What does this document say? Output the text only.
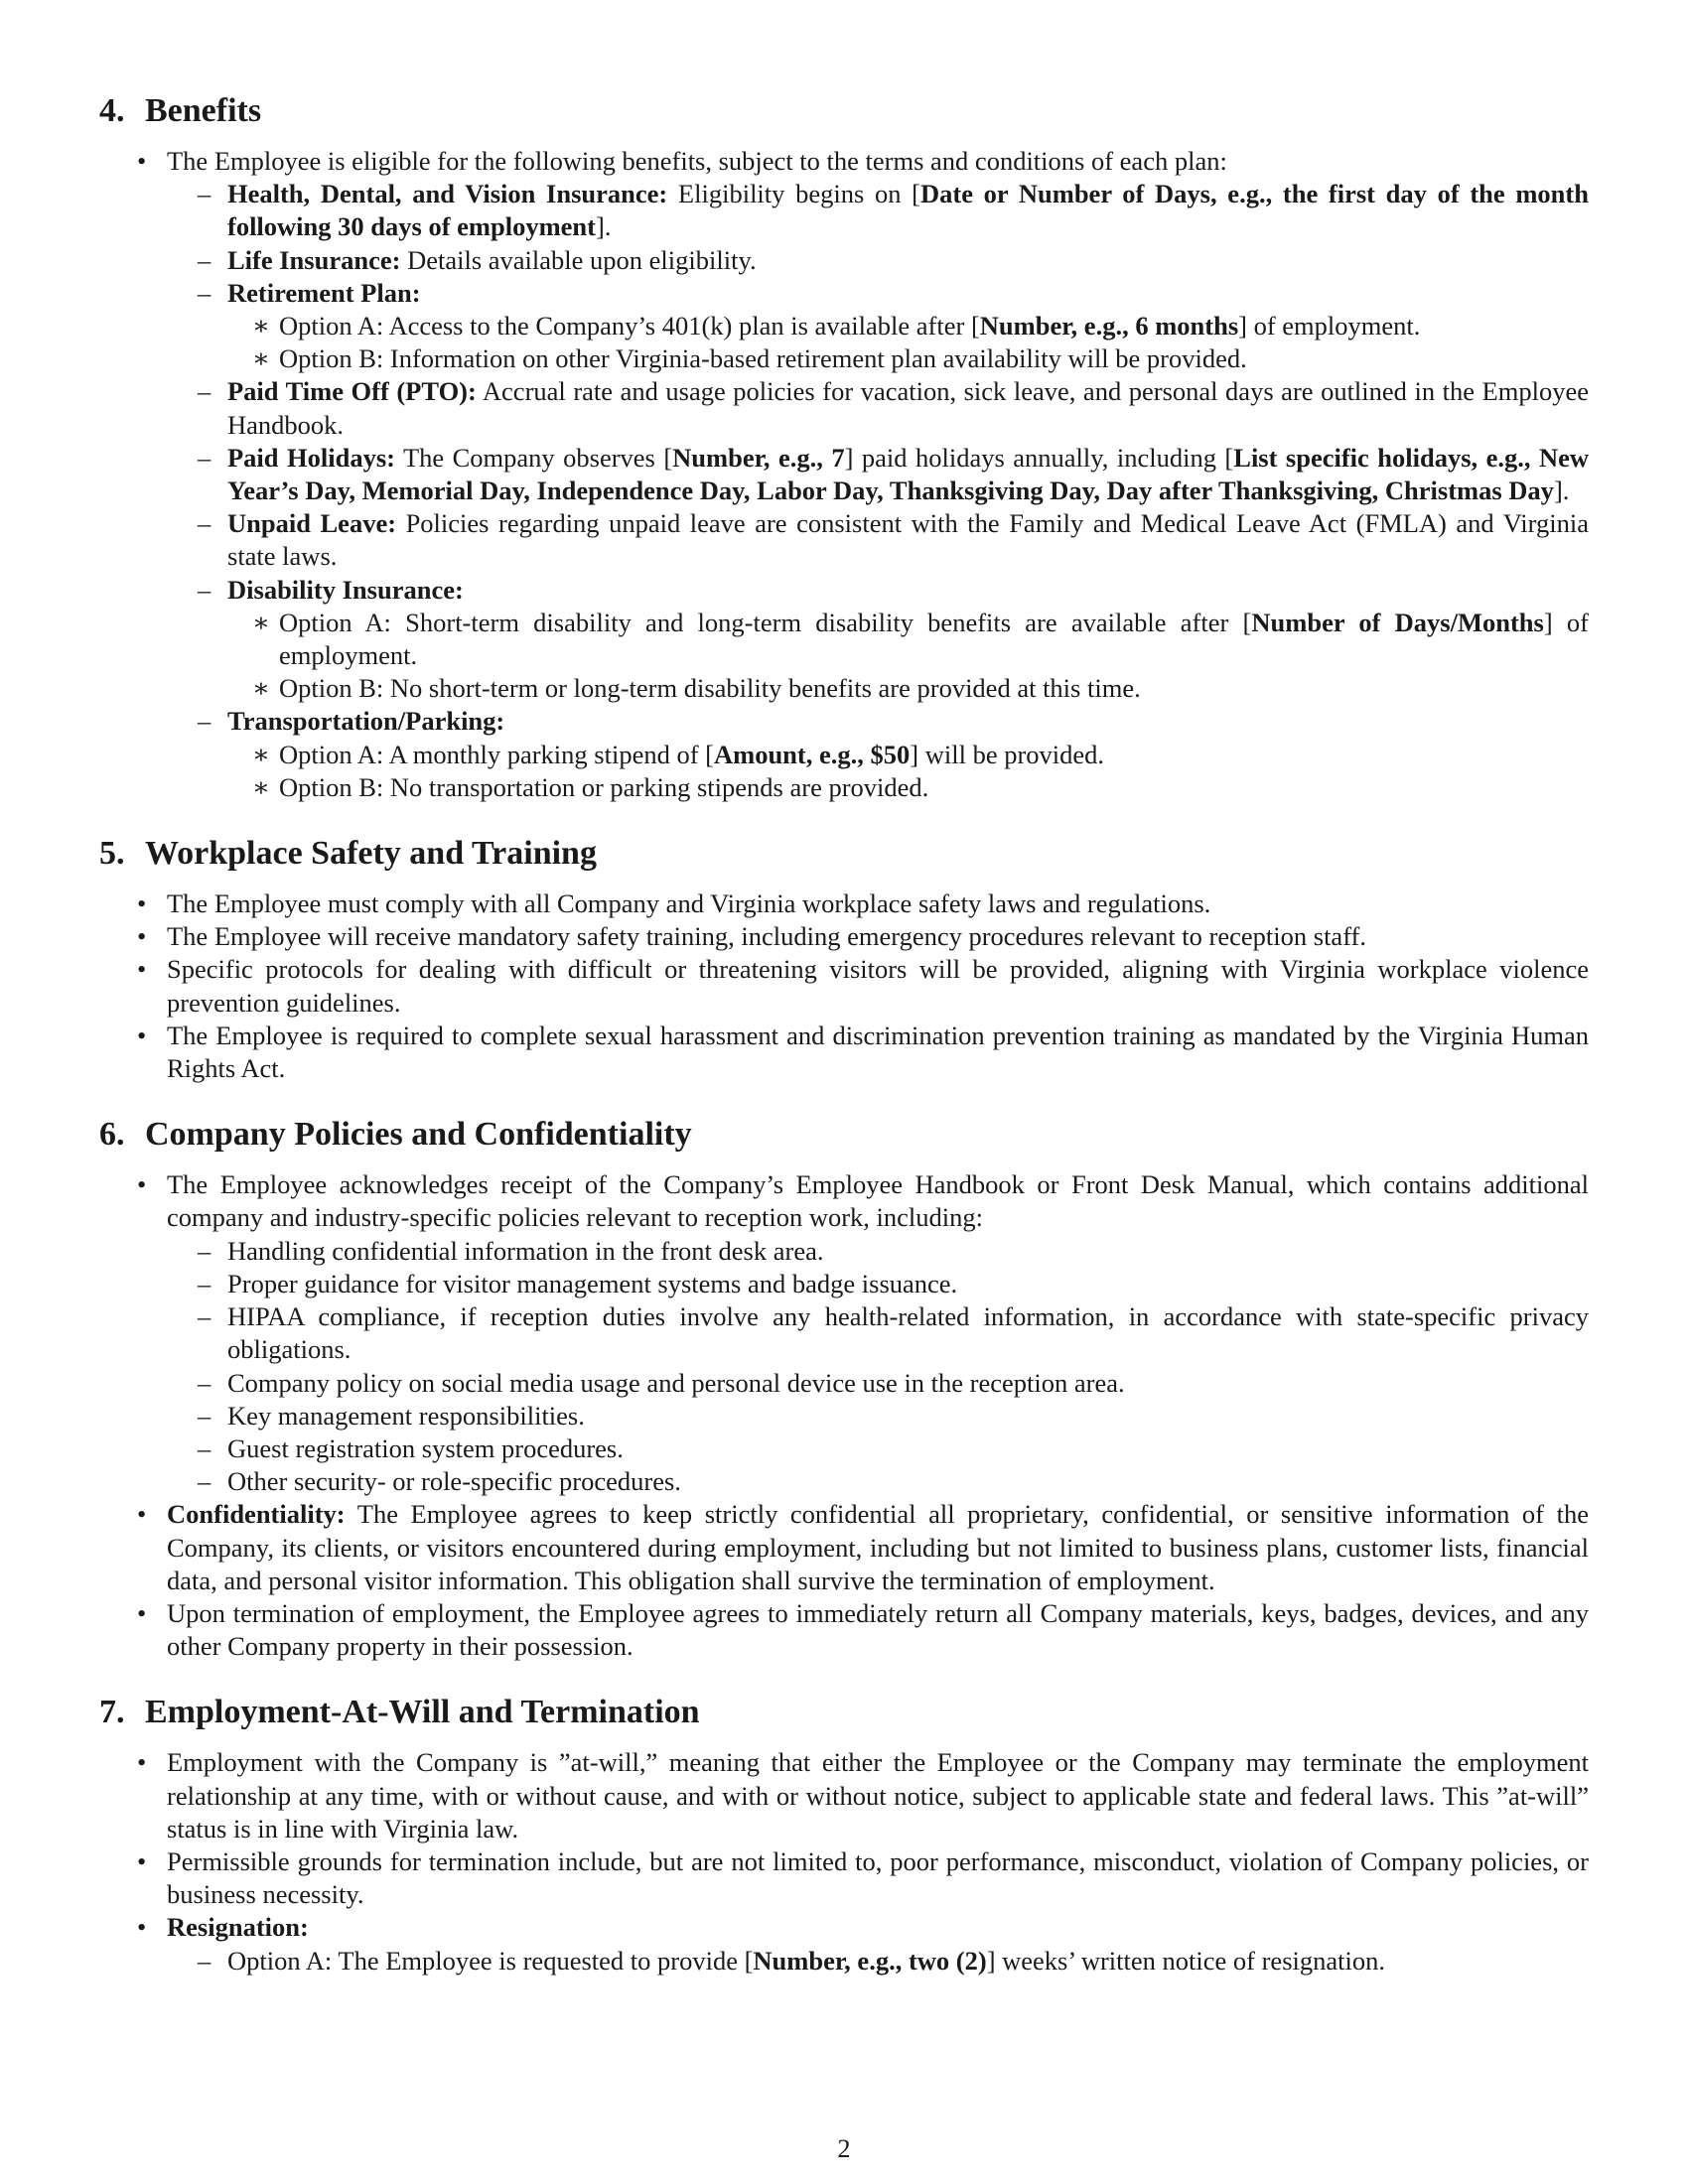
4. Benefits
• The Employee is eligible for the following benefits, subject to the terms and conditions of each plan:
– Health, Dental, and Vision Insurance: Eligibility begins on [Date or Number of Days, e.g., the first day of the month following 30 days of employment].
– Life Insurance: Details available upon eligibility.
– Retirement Plan:
∗ Option A: Access to the Company’s 401(k) plan is available after [Number, e.g., 6 months] of employment.
∗ Option B: Information on other Virginia-based retirement plan availability will be provided.
– Paid Time Off (PTO): Accrual rate and usage policies for vacation, sick leave, and personal days are outlined in the Employee Handbook.
– Paid Holidays: The Company observes [Number, e.g., 7] paid holidays annually, including [List specific holidays, e.g., New Year’s Day, Memorial Day, Independence Day, Labor Day, Thanksgiving Day, Day after Thanksgiving, Christmas Day].
– Unpaid Leave: Policies regarding unpaid leave are consistent with the Family and Medical Leave Act (FMLA) and Virginia state laws.
– Disability Insurance:
∗ Option A: Short-term disability and long-term disability benefits are available after [Number of Days/Months] of employment.
∗ Option B: No short-term or long-term disability benefits are provided at this time.
– Transportation/Parking:
∗ Option A: A monthly parking stipend of [Amount, e.g., $50] will be provided.
∗ Option B: No transportation or parking stipends are provided.
5. Workplace Safety and Training
• The Employee must comply with all Company and Virginia workplace safety laws and regulations.
• The Employee will receive mandatory safety training, including emergency procedures relevant to reception staff.
• Specific protocols for dealing with difficult or threatening visitors will be provided, aligning with Virginia workplace violence prevention guidelines.
• The Employee is required to complete sexual harassment and discrimination prevention training as mandated by the Virginia Human Rights Act.
6. Company Policies and Confidentiality
• The Employee acknowledges receipt of the Company’s Employee Handbook or Front Desk Manual, which contains additional company and industry-specific policies relevant to reception work, including:
– Handling confidential information in the front desk area.
– Proper guidance for visitor management systems and badge issuance.
– HIPAA compliance, if reception duties involve any health-related information, in accordance with state-specific privacy obligations.
– Company policy on social media usage and personal device use in the reception area.
– Key management responsibilities.
– Guest registration system procedures.
– Other security- or role-specific procedures.
• Confidentiality: The Employee agrees to keep strictly confidential all proprietary, confidential, or sensitive information of the Company, its clients, or visitors encountered during employment, including but not limited to business plans, customer lists, financial data, and personal visitor information. This obligation shall survive the termination of employment.
• Upon termination of employment, the Employee agrees to immediately return all Company materials, keys, badges, devices, and any other Company property in their possession.
7. Employment-At-Will and Termination
• Employment with the Company is ”at-will,” meaning that either the Employee or the Company may terminate the employment relationship at any time, with or without cause, and with or without notice, subject to applicable state and federal laws. This ”at-will” status is in line with Virginia law.
• Permissible grounds for termination include, but are not limited to, poor performance, misconduct, violation of Company policies, or business necessity.
• Resignation:
– Option A: The Employee is requested to provide [Number, e.g., two (2)] weeks’ written notice of resignation.
2
